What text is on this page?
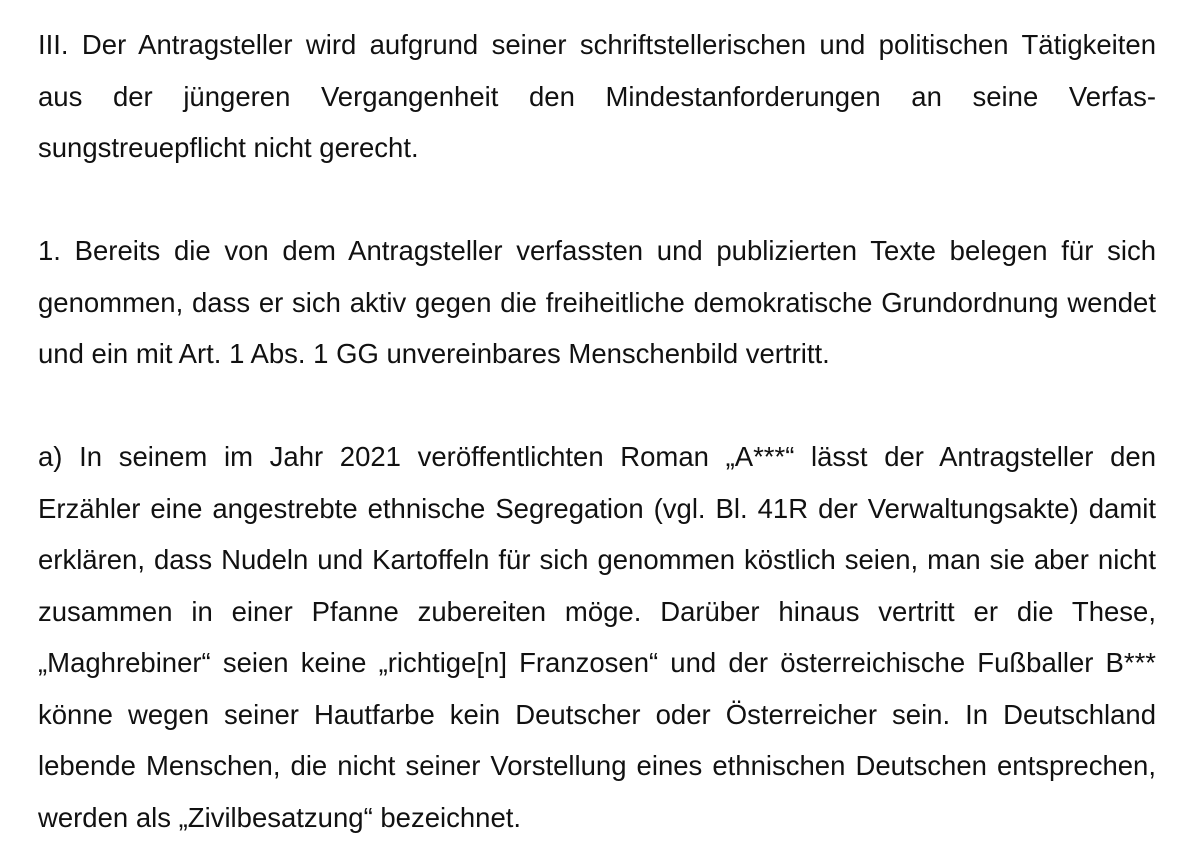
III. Der Antragsteller wird aufgrund seiner schriftstellerischen und politischen Tätigkeiten aus der jüngeren Vergangenheit den Mindestanforderungen an seine Verfassungstreuepflicht nicht gerecht.

1. Bereits die von dem Antragsteller verfassten und publizierten Texte belegen für sich genommen, dass er sich aktiv gegen die freiheitliche demokratische Grundordnung wendet und ein mit Art. 1 Abs. 1 GG unvereinbares Menschenbild vertritt.

a) In seinem im Jahr 2021 veröffentlichten Roman „A***“ lässt der Antragsteller den Erzähler eine angestrebte ethnische Segregation (vgl. Bl. 41R der Verwaltungsakte) damit erklären, dass Nudeln und Kartoffeln für sich genommen köstlich seien, man sie aber nicht zusammen in einer Pfanne zubereiten möge. Darüber hinaus vertritt er die These, „Maghrebiner“ seien keine „richtige[n] Franzosen“ und der österreichische Fußballer B*** könne wegen seiner Hautfarbe kein Deutscher oder Österreicher sein. In Deutschland lebende Menschen, die nicht seiner Vorstellung eines ethnischen Deutschen entsprechen, werden als „Zivilbesatzung“ bezeichnet.
